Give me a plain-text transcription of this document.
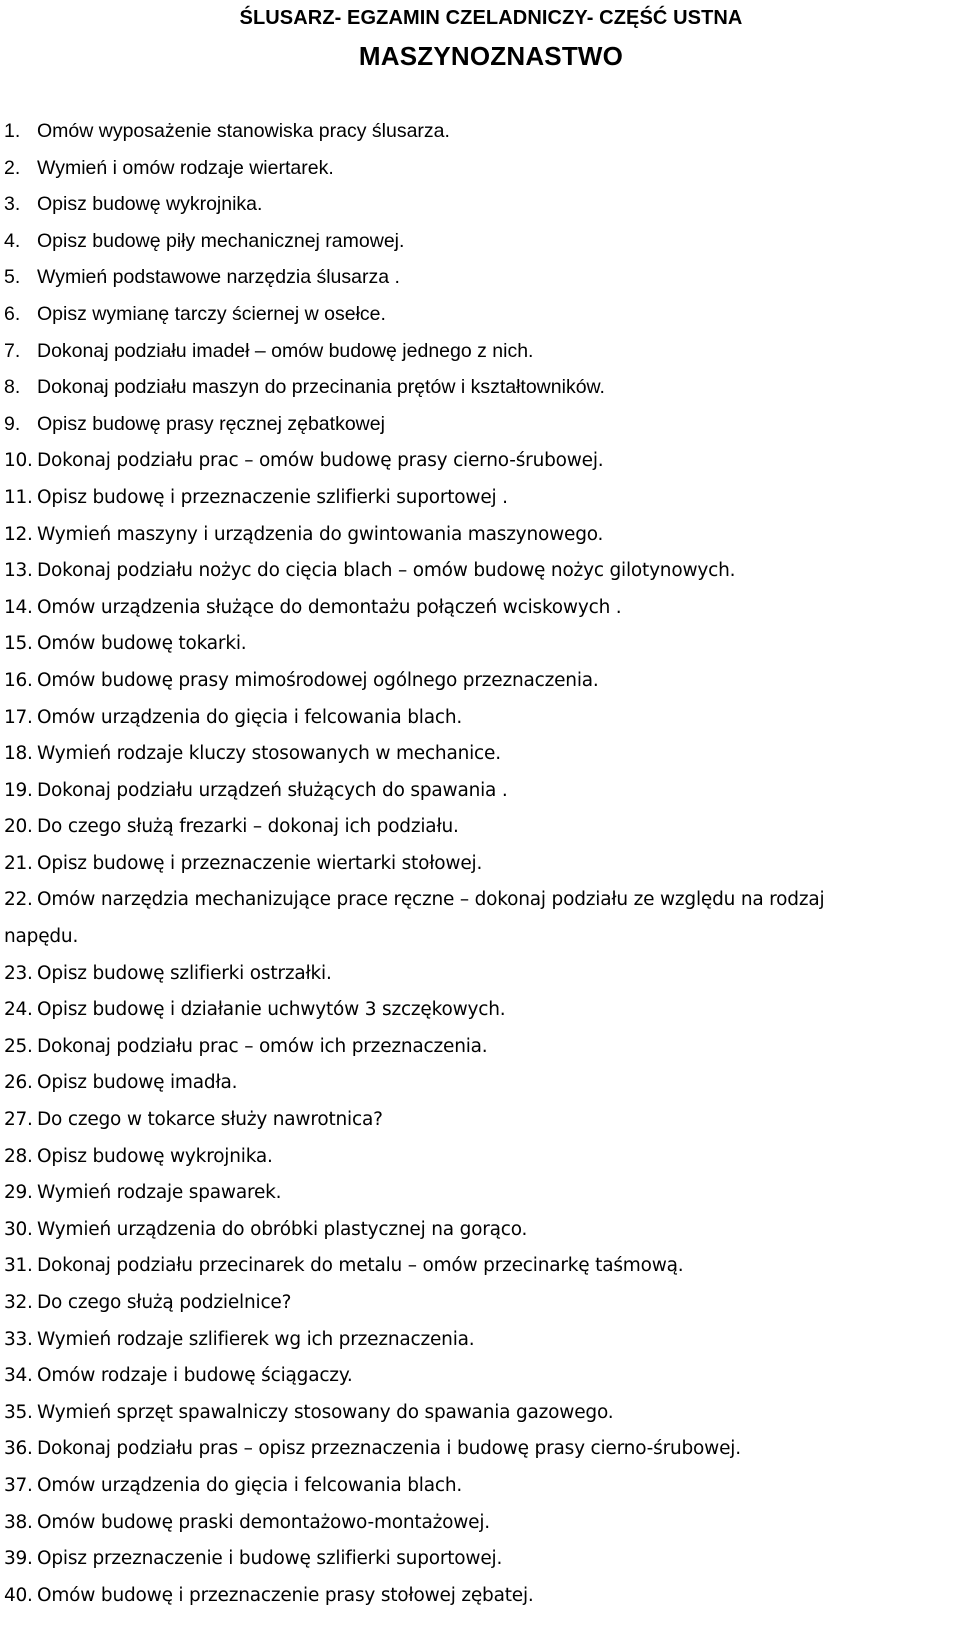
ŚLUSARZ- EGZAMIN CZELADNICZY- CZĘŚĆ USTNA
MASZYNOZNASTWO
1. Omów wyposażenie stanowiska pracy ślusarza.
2. Wymień i omów rodzaje wiertarek.
3. Opisz budowę wykrojnika.
4. Opisz budowę piły mechanicznej ramowej.
5. Wymień podstawowe narzędzia ślusarza .
6. Opisz wymianę tarczy ściernej w osełce.
7. Dokonaj podziału imadeł – omów budowę jednego z nich.
8. Dokonaj podziału maszyn do przecinania prętów i kształtowników.
9. Opisz budowę prasy ręcznej zębatkowej
10. Dokonaj podziału prac – omów budowę prasy cierno-śrubowej.
11. Opisz budowę i przeznaczenie szlifierki suportowej .
12. Wymień maszyny i urządzenia do gwintowania maszynowego.
13. Dokonaj podziału nożyc do cięcia blach – omów budowę nożyc gilotynowych.
14. Omów urządzenia służące do demontażu połączeń wciskowych .
15. Omów budowę tokarki.
16. Omów budowę prasy mimośrodowej ogólnego przeznaczenia.
17. Omów urządzenia do gięcia i felcowania blach.
18. Wymień rodzaje kluczy stosowanych w mechanice.
19. Dokonaj podziału urządzeń służących do spawania .
20. Do czego służą frezarki – dokonaj ich podziału.
21. Opisz budowę i przeznaczenie wiertarki stołowej.
22. Omów narzędzia mechanizujące prace ręczne – dokonaj podziału ze względu na rodzaj
napędu.
23. Opisz budowę szlifierki ostrzałki.
24. Opisz budowę i działanie uchwytów 3 szczękowych.
25. Dokonaj podziału prac – omów ich przeznaczenia.
26. Opisz budowę imadła.
27. Do czego w tokarce służy nawrotnica?
28. Opisz budowę wykrojnika.
29. Wymień rodzaje spawarek.
30. Wymień urządzenia do obróbki plastycznej na gorąco.
31. Dokonaj podziału przecinarek do metalu – omów przecinarkę taśmową.
32. Do czego służą podzielnice?
33. Wymień rodzaje szlifierek wg ich przeznaczenia.
34. Omów rodzaje i budowę ściągaczy.
35. Wymień sprzęt spawalniczy stosowany do spawania gazowego.
36. Dokonaj podziału pras – opisz przeznaczenia i budowę prasy cierno-śrubowej.
37. Omów urządzenia do gięcia i felcowania blach.
38. Omów budowę praski demontażowo-montażowej.
39. Opisz przeznaczenie i budowę szlifierki suportowej.
40. Omów budowę i przeznaczenie prasy stołowej zębatej.
